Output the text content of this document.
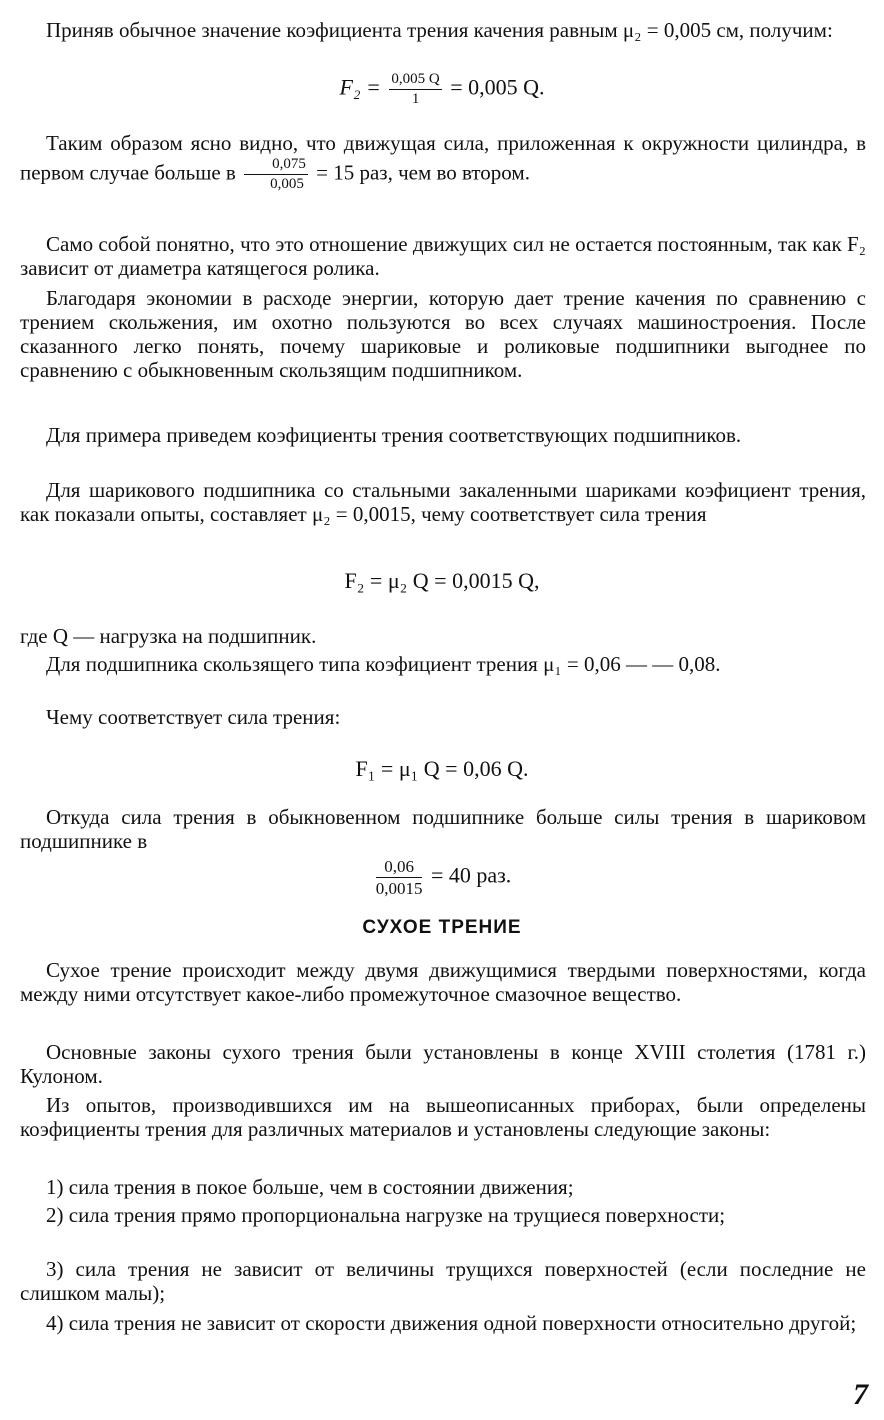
Приняв обычное значение коэфициента трения качения равным μ₂ = 0,005 см, получим:

$F_2 = \frac{0,005 Q}{1} = 0,005$ Q.

Таким образом ясно видно, что движущая сила, приложенная к окружности цилиндра, в первом случае больше в $\frac{0,075}{0,005} = 15$ раз, чем во втором.

Само собой понятно, что это отношение движущих сил не остается постоянным, так как F₂ зависит от диаметра катящегося ролика.

Благодаря экономии в расходе энергии, которую дает трение качения по сравнению с трением скольжения, им охотно пользуются во всех случаях машиностроения. После сказанного легко понять, почему шариковые и роликовые подшипники выгоднее по сравнению с обыкновенным скользящим подшипником.

Для примера приведем коэфициенты трения соответствующих подшипников.

Для шарикового подшипника со стальными закаленными шариками коэфициент трения, как показали опыты, составляет μ₂ = 0,0015, чему соответствует сила трения

F₂ = μ₂ Q = 0,0015 Q,

где Q — нагрузка на подшипник.

Для подшипника скользящего типа коэфициент трения μ₁ = 0,06 — — 0,08.

Чему соответствует сила трения:

F₁ = μ₁ Q = 0,06 Q.

Откуда сила трения в обыкновенном подшипнике больше силы трения в шариковом подшипнике в

$\frac{0,06}{0,0015} = 40$ раз.
СУХОЕ ТРЕНИЕ

Сухое трение происходит между двумя движущимися твердыми поверхностями, когда между ними отсутствует какое-либо промежуточное смазочное вещество.

Основные законы сухого трения были установлены в конце XVIII столетия (1781 г.) Кулоном.

Из опытов, производившихся им на вышеописанных приборах, были определены коэфициенты трения для различных материалов и установлены следующие законы:

1) сила трения в покое больше, чем в состоянии движения;

2) сила трения прямо пропорциональна нагрузке на трущиеся поверхности;

3) сила трения не зависит от величины трущихся поверхностей (если последние не слишком малы);

4) сила трения не зависит от скорости движения одной поверхности относительно другой;

7
